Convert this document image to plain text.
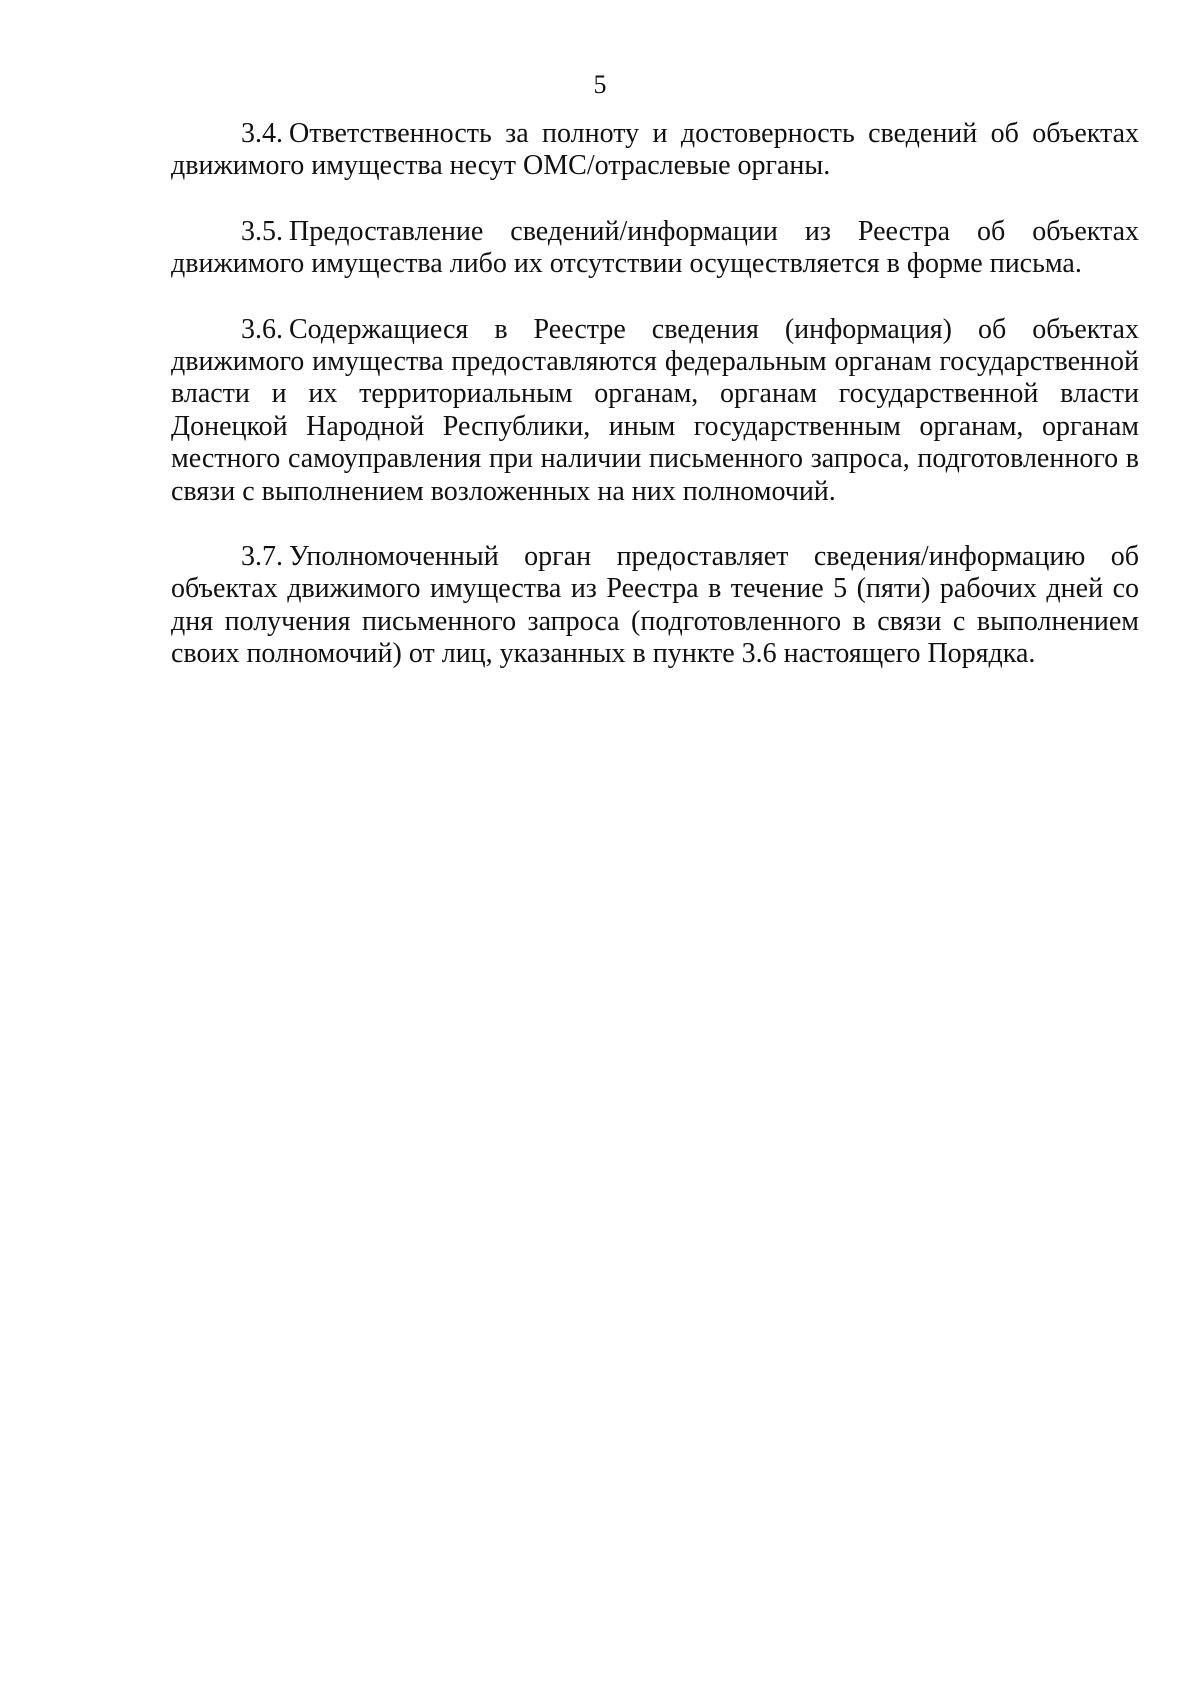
5

3.4. Ответственность за полноту и достоверность сведений об объектах движимого имущества несут ОМС/отраслевые органы.

3.5. Предоставление сведений/информации из Реестра об объектах движимого имущества либо их отсутствии осуществляется в форме письма.

3.6. Содержащиеся в Реестре сведения (информация) об объектах движимого имущества предоставляются федеральным органам государственной власти и их территориальным органам, органам государственной власти Донецкой Народной Республики, иным государственным органам, органам местного самоуправления при наличии письменного запроса, подготовленного в связи с выполнением возложенных на них полномочий.

3.7. Уполномоченный орган предоставляет сведения/информацию об объектах движимого имущества из Реестра в течение 5 (пяти) рабочих дней со дня получения письменного запроса (подготовленного в связи с выполнением своих полномочий) от лиц, указанных в пункте 3.6 настоящего Порядка.
